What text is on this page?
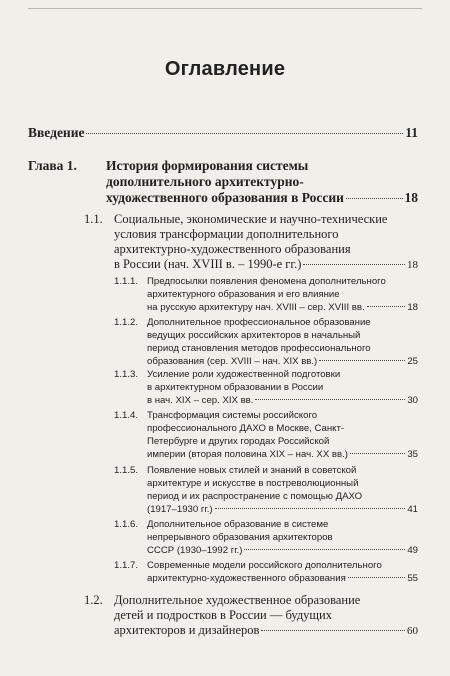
Оглавление
Введение	11
Глава 1.	История формирования системы
дополнительного архитектурно-
художественного образования в России	18
1.1. Социальные, экономические и научно-технические
условия трансформации дополнительного
архитектурно-художественного образования
в России (нач. XVIII в. – 1990-е гг.)	18
1.1.1. Предпосылки появления феномена дополнительного
архитектурного образования и его влияние
на русскую архитектуру нач. XVIII – сер. XVIII вв.	18
1.1.2. Дополнительное профессиональное образование
ведущих российских архитекторов в начальный
период становления методов профессионального
образования (сер. XVIII – нач. XIX вв.)	25
1.1.3. Усиление роли художественной подготовки
в архитектурном образовании в России
в нач. XIX – сер. XIX вв.	30
1.1.4. Трансформация системы российского
профессионального ДАХО в Москве, Санкт-
Петербурге и других городах Российской
империи (вторая половина XIX – нач. XX вв.)	35
1.1.5. Появление новых стилей и знаний в советской
архитектуре и искусстве в постреволюционный
период и их распространение с помощью ДАХО
(1917–1930 гг.)	41
1.1.6. Дополнительное образование в системе
непрерывного образования архитекторов
СССР (1930–1992 гг.)	49
1.1.7. Современные модели российского дополнительного
архитектурно-художественного образования	55
1.2. Дополнительное художественное образование
детей и подростков в России — будущих
архитекторов и дизайнеров	60
